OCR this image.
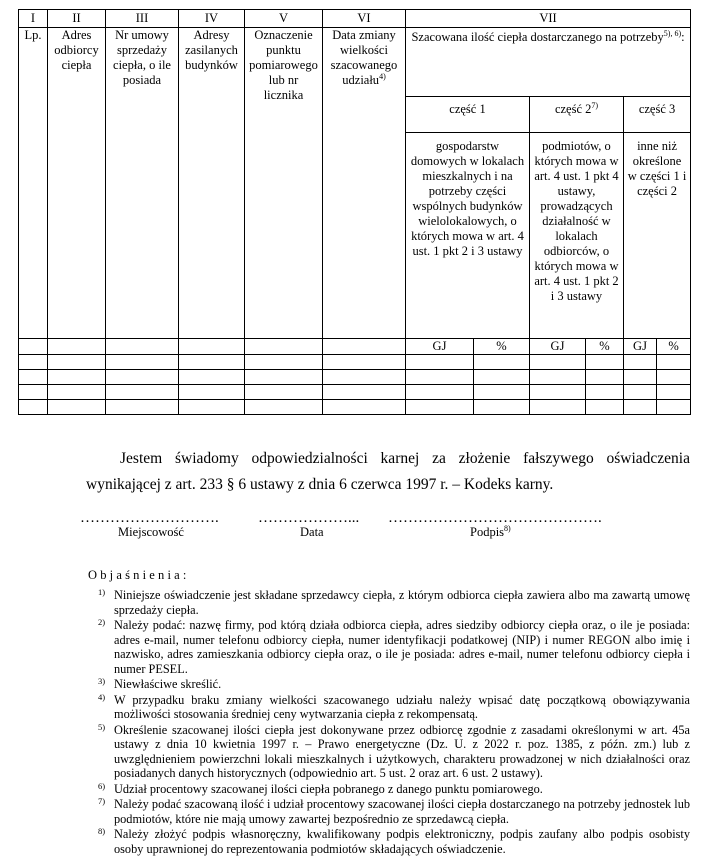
I	II	III	IV	V	VI	VII					
Lp.	Adres odbiorcy ciepła	Nr umowy sprzedaży ciepła, o ile posiada	Adresy zasilanych budynków	Oznaczenie punktu pomiarowego lub nr licznika	Data zmiany wielkości szacowanego udziału$^{4)}$	Szacowana ilość ciepła dostarczanego na potrzeby$^{5), 6)}$:					
						część 1		część 2$^{7)}$		część 3	
						gospodarstw domowych w lokalach mieszkalnych i na potrzeby części wspólnych budynków wielolokalowych, o których mowa w art. 4 ust. 1 pkt 2 i 3 ustawy		podmiotów, o których mowa w art. 4 ust. 1 pkt 4 ustawy, prowadzących działalność w lokalach odbiorców, o których mowa w art. 4 ust. 1 pkt 2 i 3 ustawy		inne niż określone w części 1 i części 2	
						GJ	%	GJ	%	GJ	%

Jestem świadomy odpowiedzialności karnej za złożenie fałszywego oświadczenia
wynikającej z art. 233 § 6 ustawy z dnia 6 czerwca 1997 r. – Kodeks karny.
……………………….	………………... …………………………………….
Miejscowość	Data	Podpis$^{8)}$
Objaśnienia:
1) Niniejsze oświadczenie jest składane sprzedawcy ciepła, z którym odbiorca ciepła zawiera albo ma zawartą umowę sprzedaży ciepła.
2) Należy podać: nazwę firmy, pod którą działa odbiorca ciepła, adres siedziby odbiorcy ciepła oraz, o ile je posiada: adres e-mail, numer telefonu odbiorcy ciepła, numer identyfikacji podatkowej (NIP) i numer REGON albo imię i nazwisko, adres zamieszkania odbiorcy ciepła oraz, o ile je posiada: adres e-mail, numer telefonu odbiorcy ciepła i numer PESEL.
3) Niewłaściwe skreślić.
4) W przypadku braku zmiany wielkości szacowanego udziału należy wpisać datę początkową obowiązywania możliwości stosowania średniej ceny wytwarzania ciepła z rekompensatą.
5) Określenie szacowanej ilości ciepła jest dokonywane przez odbiorcę zgodnie z zasadami określonymi w art. 45a ustawy z dnia 10 kwietnia 1997 r. – Prawo energetyczne (Dz. U. z 2022 r. poz. 1385, z późn. zm.) lub z uwzględnieniem powierzchni lokali mieszkalnych i użytkowych, charakteru prowadzonej w nich działalności oraz posiadanych danych historycznych (odpowiednio art. 5 ust. 2 oraz art. 6 ust. 2 ustawy).
6) Udział procentowy szacowanej ilości ciepła pobranego z danego punktu pomiarowego.
7) Należy podać szacowaną ilość i udział procentowy szacowanej ilości ciepła dostarczanego na potrzeby jednostek lub podmiotów, które nie mają umowy zawartej bezpośrednio ze sprzedawcą ciepła.
8) Należy złożyć podpis własnoręczny, kwalifikowany podpis elektroniczny, podpis zaufany albo podpis osobisty osoby uprawnionej do reprezentowania podmiotów składających oświadczenie.
